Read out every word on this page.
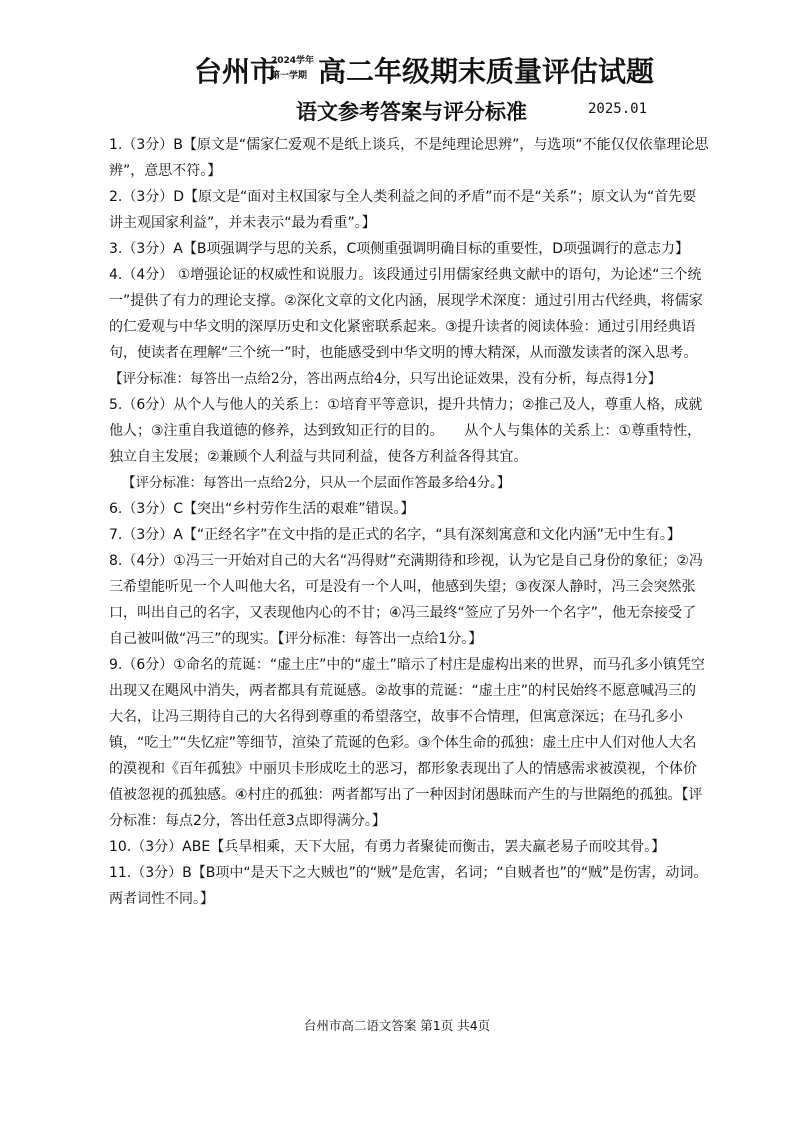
台州市
2024学年
第一学期 高二年级期末质量评估试题
语文参考答案与评分标准	2025.01

1.（3分）B【原文是“儒家仁爱观不是纸上谈兵，不是纯理论思辨”，与选项“不能仅仅依靠理论思辨”，意思不符。】

2.（3分）D【原文是“面对主权国家与全人类利益之间的矛盾”而不是“关系”；原文认为“首先要讲主观国家利益”，并未表示“最为看重”。】

3.（3分）A【B项强调学与思的关系，C项侧重强调明确目标的重要性，D项强调行的意志力】

4.（4分） ①增强论证的权威性和说服力。该段通过引用儒家经典文献中的语句，为论述“三个统一”提供了有力的理论支撑。②深化文章的文化内涵，展现学术深度：通过引用古代经典，将儒家的仁爱观与中华文明的深厚历史和文化紧密联系起来。③提升读者的阅读体验：通过引用经典语句，使读者在理解“三个统一”时，也能感受到中华文明的博大精深，从而激发读者的深入思考。

【评分标准：每答出一点给2分，答出两点给4分，只写出论证效果，没有分析，每点得1分】

5.（6分）从个人与他人的关系上：①培育平等意识，提升共情力；②推己及人，尊重人格，成就他人；③注重自我道德的修养，达到致知正行的目的。　　从个人与集体的关系上：①尊重特性，独立自主发展；②兼顾个人利益与共同利益，使各方利益各得其宜。

【评分标准：每答出一点给2分，只从一个层面作答最多给4分。】

6.（3分）C【突出“乡村劳作生活的艰难”错误。】

7.（3分）A【“正经名字”在文中指的是正式的名字，“具有深刻寓意和文化内涵”无中生有。】

8.（4分）①冯三一开始对自己的大名“冯得财”充满期待和珍视，认为它是自己身份的象征；②冯三希望能听见一个人叫他大名，可是没有一个人叫，他感到失望；③夜深人静时，冯三会突然张口，叫出自己的名字，又表现他内心的不甘；④冯三最终“签应了另外一个名字”，他无奈接受了自己被叫做“冯三”的现实。【评分标准：每答出一点给1分。】

9.（6分）①命名的荒诞：“虚土庄”中的“虚土”暗示了村庄是虚构出来的世界，而马孔多小镇凭空出现又在飓风中消失，两者都具有荒诞感。②故事的荒诞：“虚土庄”的村民始终不愿意喊冯三的大名，让冯三期待自己的大名得到尊重的希望落空，故事不合情理，但寓意深远；在马孔多小镇，“吃土”“失忆症”等细节，渲染了荒诞的色彩。③个体生命的孤独：虚土庄中人们对他人大名的漠视和《百年孤独》中丽贝卡形成吃土的恶习，都形象表现出了人的情感需求被漠视，个体价值被忽视的孤独感。④村庄的孤独：两者都写出了一种因封闭愚昧而产生的与世隔绝的孤独。【评分标准：每点2分，答出任意3点即得满分。】

10.（3分）ABE【兵旱相乘，天下大屈，有勇力者聚徒而衡击，罢夫羸老易子而咬其骨。】

11.（3分）B【B项中“是天下之大贼也”的“贼”是危害，名词；“自贼者也”的“贼”是伤害，动词。两者词性不同。】

台州市高二语文答案 第1页 共4页
